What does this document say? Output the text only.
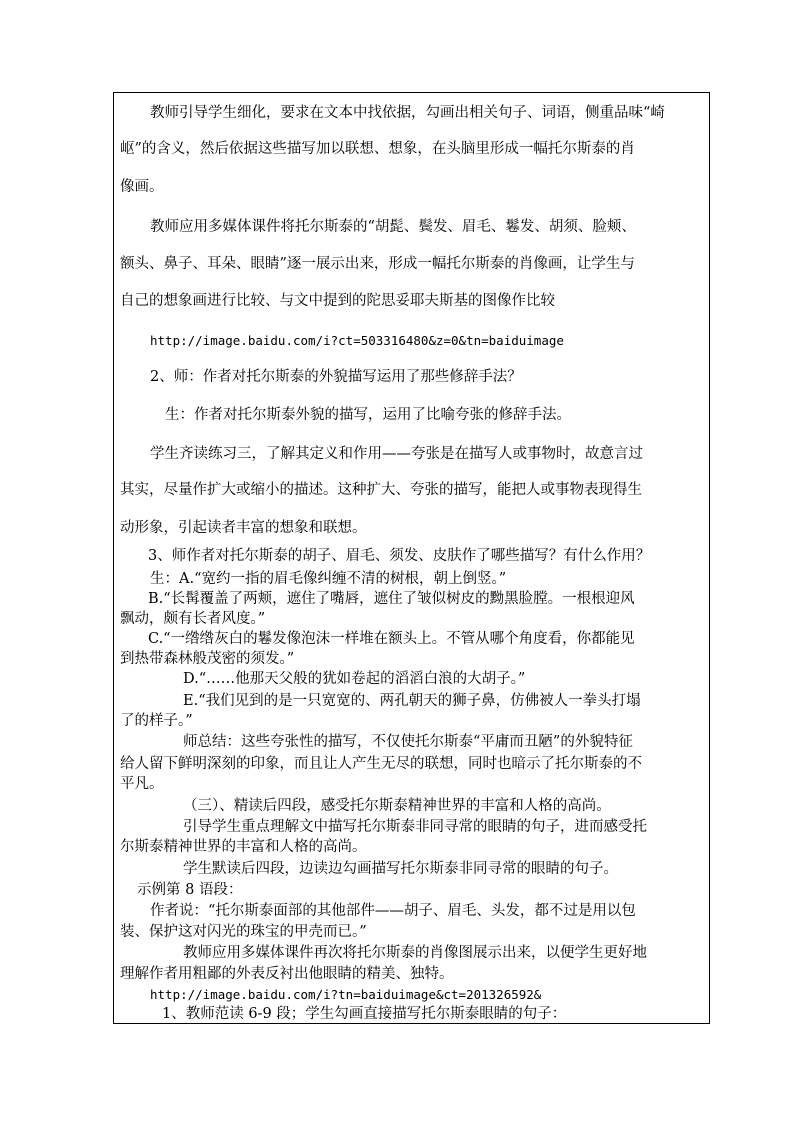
教师引导学生细化，要求在文本中找依据，勾画出相关句子、词语，侧重品味“崎
岖”的含义，然后依据这些描写加以联想、想象，在头脑里形成一幅托尔斯泰的肖
像画。
教师应用多媒体课件将托尔斯泰的“胡髭、鬓发、眉毛、鬈发、胡须、脸颊、
额头、鼻子、耳朵、眼睛”逐一展示出来，形成一幅托尔斯泰的肖像画，让学生与
自己的想象画进行比较、与文中提到的陀思妥耶夫斯基的图像作比较
http://image.baidu.com/i?ct=503316480&z=0&tn=baiduimage
2、师：作者对托尔斯泰的外貌描写运用了那些修辞手法？
生：作者对托尔斯泰外貌的描写，运用了比喻夸张的修辞手法。
学生齐读练习三，了解其定义和作用——夸张是在描写人或事物时，故意言过
其实，尽量作扩大或缩小的描述。这种扩大、夸张的描写，能把人或事物表现得生
动形象，引起读者丰富的想象和联想。
3、师作者对托尔斯泰的胡子、眉毛、须发、皮肤作了哪些描写？有什么作用？
生：A.“宽约一指的眉毛像纠缠不清的树根，朝上倒竖。”
B.“长髯覆盖了两颊，遮住了嘴唇，遮住了皱似树皮的黝黑脸膛。一根根迎风
飘动，颇有长者风度。”
C.“一绺绺灰白的鬈发像泡沫一样堆在额头上。不管从哪个角度看，你都能见
到热带森林般茂密的须发。”
D.“……他那天父般的犹如卷起的滔滔白浪的大胡子。”
E.“我们见到的是一只宽宽的、两孔朝天的狮子鼻，仿佛被人一拳头打塌
了的样子。”
师总结：这些夸张性的描写，不仅使托尔斯泰“平庸而丑陋”的外貌特征
给人留下鲜明深刻的印象，而且让人产生无尽的联想，同时也暗示了托尔斯泰的不
平凡。
（三）、精读后四段，感受托尔斯泰精神世界的丰富和人格的高尚。
引导学生重点理解文中描写托尔斯泰非同寻常的眼睛的句子，进而感受托
尔斯泰精神世界的丰富和人格的高尚。
学生默读后四段，边读边勾画描写托尔斯泰非同寻常的眼睛的句子。
示例第 8 语段：
作者说：“托尔斯泰面部的其他部件——胡子、眉毛、头发，都不过是用以包
装、保护这对闪光的珠宝的甲壳而已。”
教师应用多媒体课件再次将托尔斯泰的肖像图展示出来，以便学生更好地
理解作者用粗鄙的外表反衬出他眼睛的精美、独特。
http://image.baidu.com/i?tn=baiduimage&ct=201326592&
1、教师范读 6-9 段；学生勾画直接描写托尔斯泰眼睛的句子：
